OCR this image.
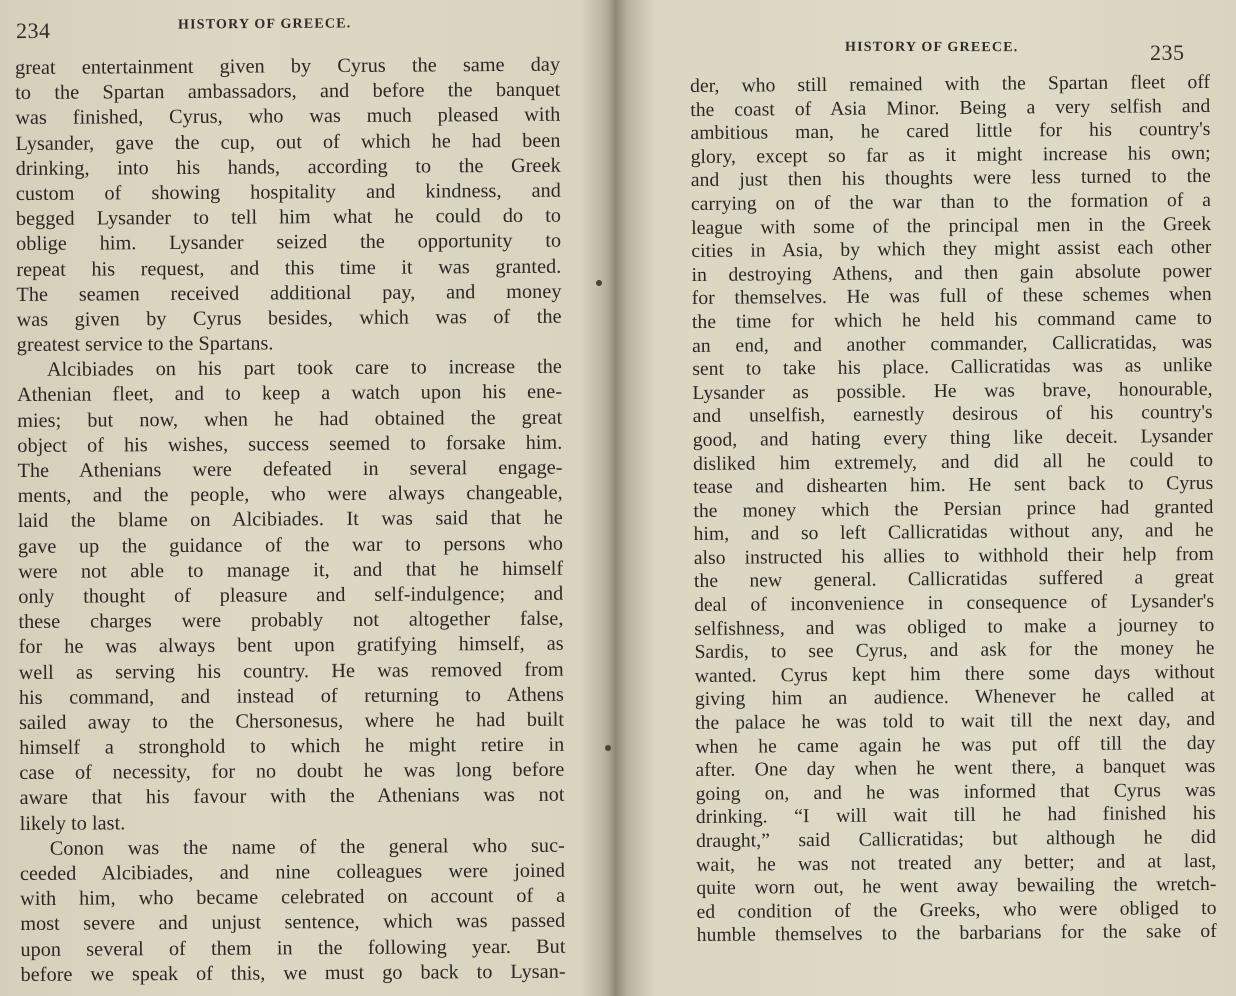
234	HISTORY OF GREECE.
great entertainment given by Cyrus the same day
to the Spartan ambassadors, and before the banquet
was finished, Cyrus, who was much pleased with
Lysander, gave the cup, out of which he had been
drinking, into his hands, according to the Greek
custom of showing hospitality and kindness, and
begged Lysander to tell him what he could do to
oblige him. Lysander seized the opportunity to
repeat his request, and this time it was granted.
The seamen received additional pay, and money
was given by Cyrus besides, which was of the
greatest service to the Spartans.
Alcibiades on his part took care to increase the
Athenian fleet, and to keep a watch upon his ene-
mies; but now, when he had obtained the great
object of his wishes, success seemed to forsake him.
The Athenians were defeated in several engage-
ments, and the people, who were always changeable,
laid the blame on Alcibiades. It was said that he
gave up the guidance of the war to persons who
were not able to manage it, and that he himself
only thought of pleasure and self-indulgence; and
these charges were probably not altogether false,
for he was always bent upon gratifying himself, as
well as serving his country. He was removed from
his command, and instead of returning to Athens
sailed away to the Chersonesus, where he had built
himself a stronghold to which he might retire in
case of necessity, for no doubt he was long before
aware that his favour with the Athenians was not
likely to last.
Conon was the name of the general who suc-
ceeded Alcibiades, and nine colleagues were joined
with him, who became celebrated on account of a
most severe and unjust sentence, which was passed
upon several of them in the following year. But
before we speak of this, we must go back to Lysan-
HISTORY OF GREECE.	235
der, who still remained with the Spartan fleet off
the coast of Asia Minor. Being a very selfish and
ambitious man, he cared little for his country's
glory, except so far as it might increase his own;
and just then his thoughts were less turned to the
carrying on of the war than to the formation of a
league with some of the principal men in the Greek
cities in Asia, by which they might assist each other
in destroying Athens, and then gain absolute power
for themselves. He was full of these schemes when
the time for which he held his command came to
an end, and another commander, Callicratidas, was
sent to take his place. Callicratidas was as unlike
Lysander as possible. He was brave, honourable,
and unselfish, earnestly desirous of his country's
good, and hating every thing like deceit. Lysander
disliked him extremely, and did all he could to
tease and dishearten him. He sent back to Cyrus
the money which the Persian prince had granted
him, and so left Callicratidas without any, and he
also instructed his allies to withhold their help from
the new general. Callicratidas suffered a great
deal of inconvenience in consequence of Lysander's
selfishness, and was obliged to make a journey to
Sardis, to see Cyrus, and ask for the money he
wanted. Cyrus kept him there some days without
giving him an audience. Whenever he called at
the palace he was told to wait till the next day, and
when he came again he was put off till the day
after. One day when he went there, a banquet was
going on, and he was informed that Cyrus was
drinking. “I will wait till he had finished his
draught,” said Callicratidas; but although he did
wait, he was not treated any better; and at last,
quite worn out, he went away bewailing the wretch-
ed condition of the Greeks, who were obliged to
humble themselves to the barbarians for the sake of
